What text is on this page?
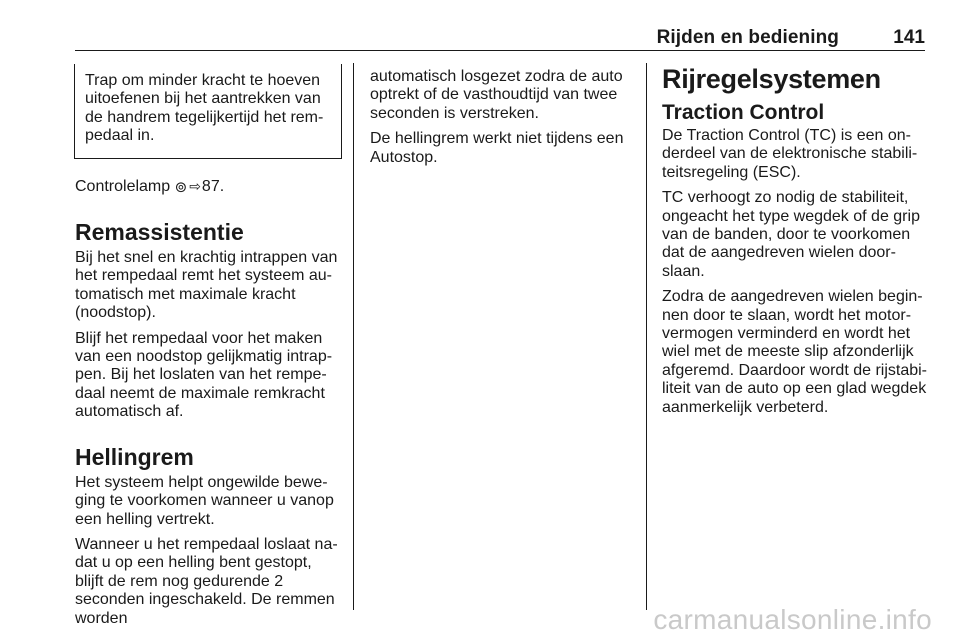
Rijden en bediening	141

Trap om minder kracht te hoeven uitoefenen bij het aantrekken van de handrem tegelijkertijd het rem-pedaal in.

Controlelamp ⊚ ⇨87.

Remassistentie

Bij het snel en krachtig intrappen van het rempedaal remt het systeem au-tomatisch met maximale kracht (noodstop).

Blijf het rempedaal voor het maken van een noodstop gelijkmatig intrap-pen. Bij het loslaten van het rempe-daal neemt de maximale remkracht automatisch af.

Hellingrem

Het systeem helpt ongewilde bewe-ging te voorkomen wanneer u vanop een helling vertrekt.

Wanneer u het rempedaal loslaat na-dat u op een helling bent gestopt, blijft de rem nog gedurende 2 seconden ingeschakeld. De remmen worden

automatisch losgezet zodra de auto optrekt of de vasthoudtijd van twee seconden is verstreken.

De hellingrem werkt niet tijdens een Autostop.

Rijregelsystemen
Traction Control

De Traction Control (TC) is een on-derdeel van de elektronische stabili-teitsregeling (ESC).

TC verhoogt zo nodig de stabiliteit, ongeacht het type wegdek of de grip van de banden, door te voorkomen dat de aangedreven wielen door-slaan.

Zodra de aangedreven wielen begin-nen door te slaan, wordt het motor-vermogen verminderd en wordt het wiel met de meeste slip afzonderlijk afgeremd. Daardoor wordt de rijstabi-liteit van de auto op een glad wegdek aanmerkelijk verbeterd.

carmanualsonline.info
